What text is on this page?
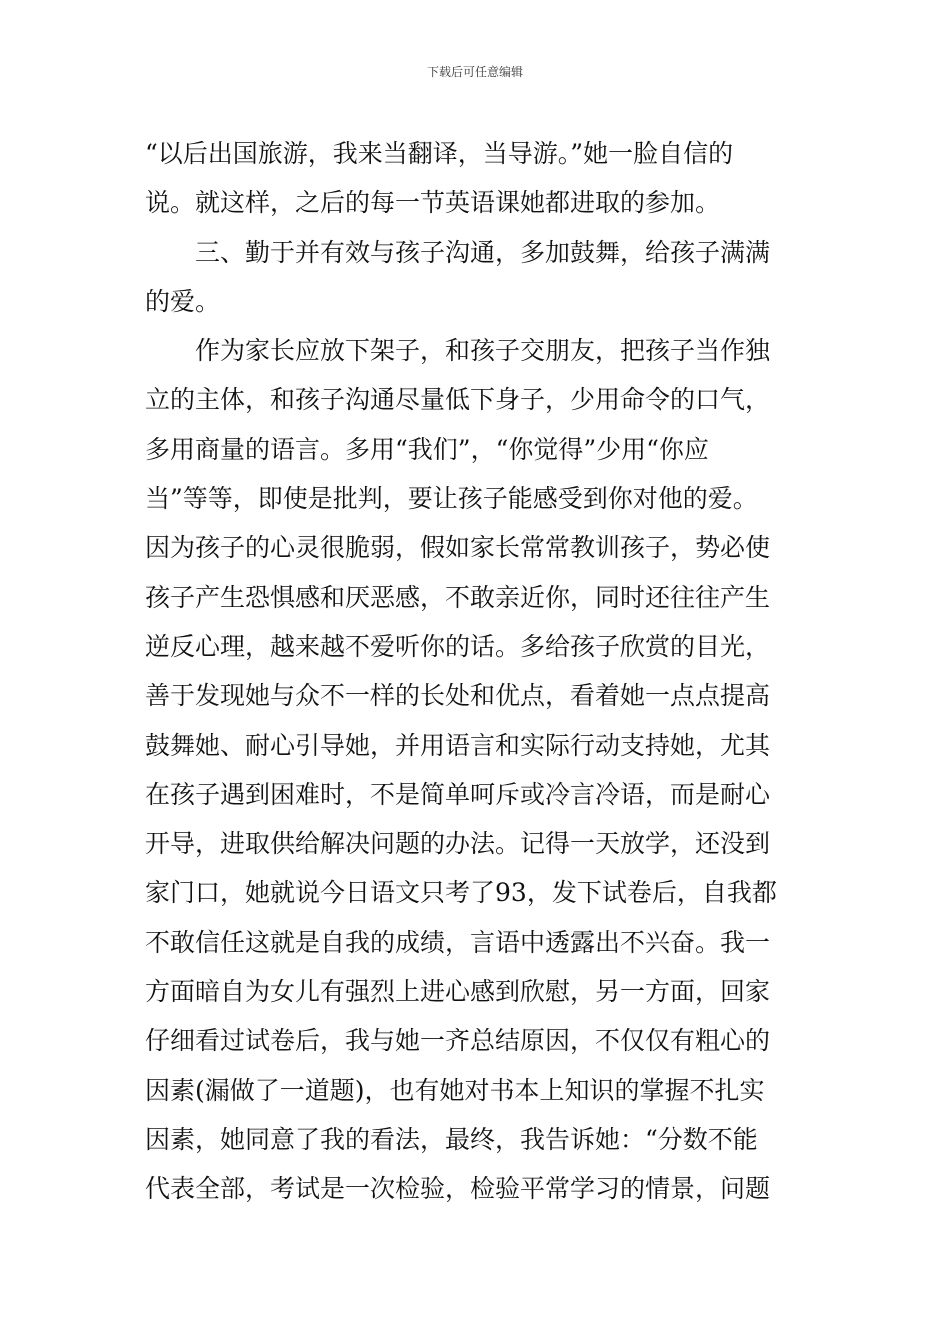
下载后可任意编辑
“以后出国旅游，我来当翻译，当导游。”她一脸自信的
说。就这样，之后的每一节英语课她都进取的参加。
三、勤于并有效与孩子沟通，多加鼓舞，给孩子满满
的爱。
作为家长应放下架子，和孩子交朋友，把孩子当作独
立的主体，和孩子沟通尽量低下身子，少用命令的口气，
多用商量的语言。多用“我们”，“你觉得”少用“你应
当”等等，即使是批判，要让孩子能感受到你对他的爱。
因为孩子的心灵很脆弱，假如家长常常教训孩子，势必使
孩子产生恐惧感和厌恶感，不敢亲近你，同时还往往产生
逆反心理，越来越不爱听你的话。多给孩子欣赏的目光，
善于发现她与众不一样的长处和优点，看着她一点点提高
鼓舞她、耐心引导她，并用语言和实际行动支持她，尤其
在孩子遇到困难时，不是简单呵斥或冷言冷语，而是耐心
开导，进取供给解决问题的办法。记得一天放学，还没到
家门口，她就说今日语文只考了93，发下试卷后，自我都
不敢信任这就是自我的成绩，言语中透露出不兴奋。我一
方面暗自为女儿有强烈上进心感到欣慰，另一方面，回家
仔细看过试卷后，我与她一齐总结原因，不仅仅有粗心的
因素(漏做了一道题)，也有她对书本上知识的掌握不扎实
因素，她同意了我的看法，最终，我告诉她：“分数不能
代表全部，考试是一次检验，检验平常学习的情景，问题
